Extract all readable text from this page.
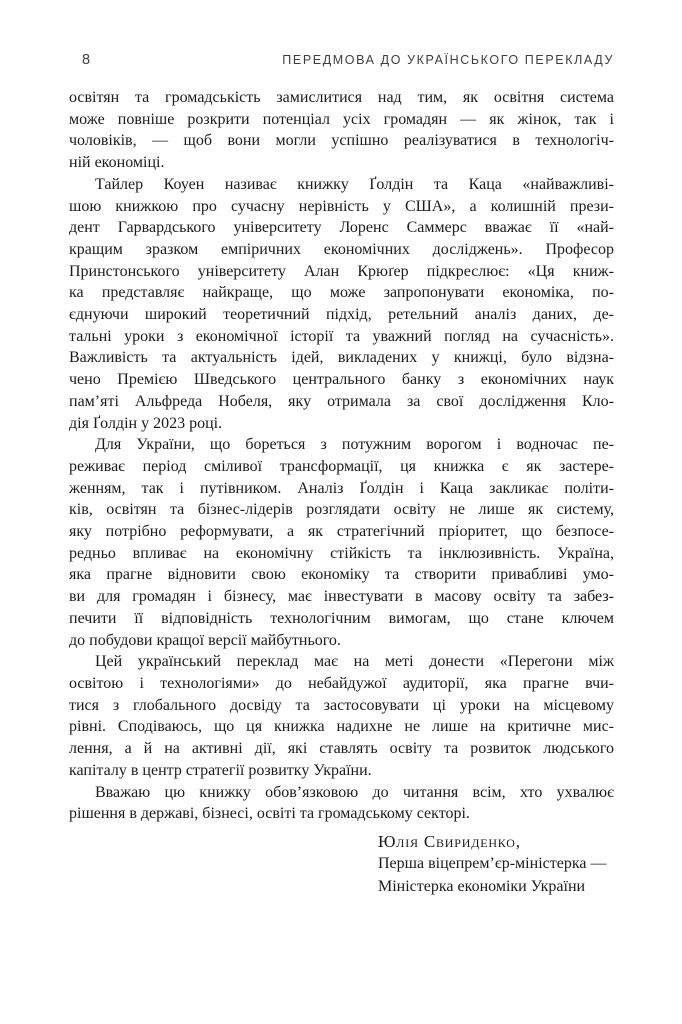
8	ПЕРЕДМОВА ДО УКРАЇНСЬКОГО ПЕРЕКЛАДУ
освітян та громадськість замислитися над тим, як освітня система
може повніше розкрити потенціал усіх громадян — як жінок, так і
чоловіків, — щоб вони могли успішно реалізуватися в технологіч-
ній економіці.
Тайлер Коуен називає книжку Ґолдін та Каца «найважливі-
шою книжкою про сучасну нерівність у США», а колишній прези-
дент Гарвардського університету Лоренс Саммерс вважає її «най-
кращим зразком емпіричних економічних досліджень». Професор
Принстонського університету Алан Крюґер підкреслює: «Ця книж-
ка представляє найкраще, що може запропонувати економіка, по-
єднуючи широкий теоретичний підхід, ретельний аналіз даних, де-
тальні уроки з економічної історії та уважний погляд на сучасність».
Важливість та актуальність ідей, викладених у книжці, було відзна-
чено Премією Шведського центрального банку з економічних наук
пам’яті Альфреда Нобеля, яку отримала за свої дослідження Кло-
дія Ґолдін у 2023 році.
Для України, що бореться з потужним ворогом і водночас пе-
реживає період сміливої трансформації, ця книжка є як застере-
женням, так і путівником. Аналіз Ґолдін і Каца закликає політи-
ків, освітян та бізнес-лідерів розглядати освіту не лише як систему,
яку потрібно реформувати, а як стратегічний пріоритет, що безпосе-
редньо впливає на економічну стійкість та інклюзивність. Україна,
яка прагне відновити свою економіку та створити привабливі умо-
ви для громадян і бізнесу, має інвестувати в масову освіту та забез-
печити її відповідність технологічним вимогам, що стане ключем
до побудови кращої версії майбутнього.
Цей український переклад має на меті донести «Перегони між
освітою і технологіями» до небайдужої аудиторії, яка прагне вчи-
тися з глобального досвіду та застосовувати ці уроки на місцевому
рівні. Сподіваюсь, що ця книжка надихне не лише на критичне мис-
лення, а й на активні дії, які ставлять освіту та розвиток людського
капіталу в центр стратегії розвитку України.
Вважаю цю книжку обов’язковою до читання всім, хто ухвалює
рішення в державі, бізнесі, освіті та громадському секторі.
Юлія Свириденко,
Перша віцепрем’єр-міністерка —
Міністерка економіки України
